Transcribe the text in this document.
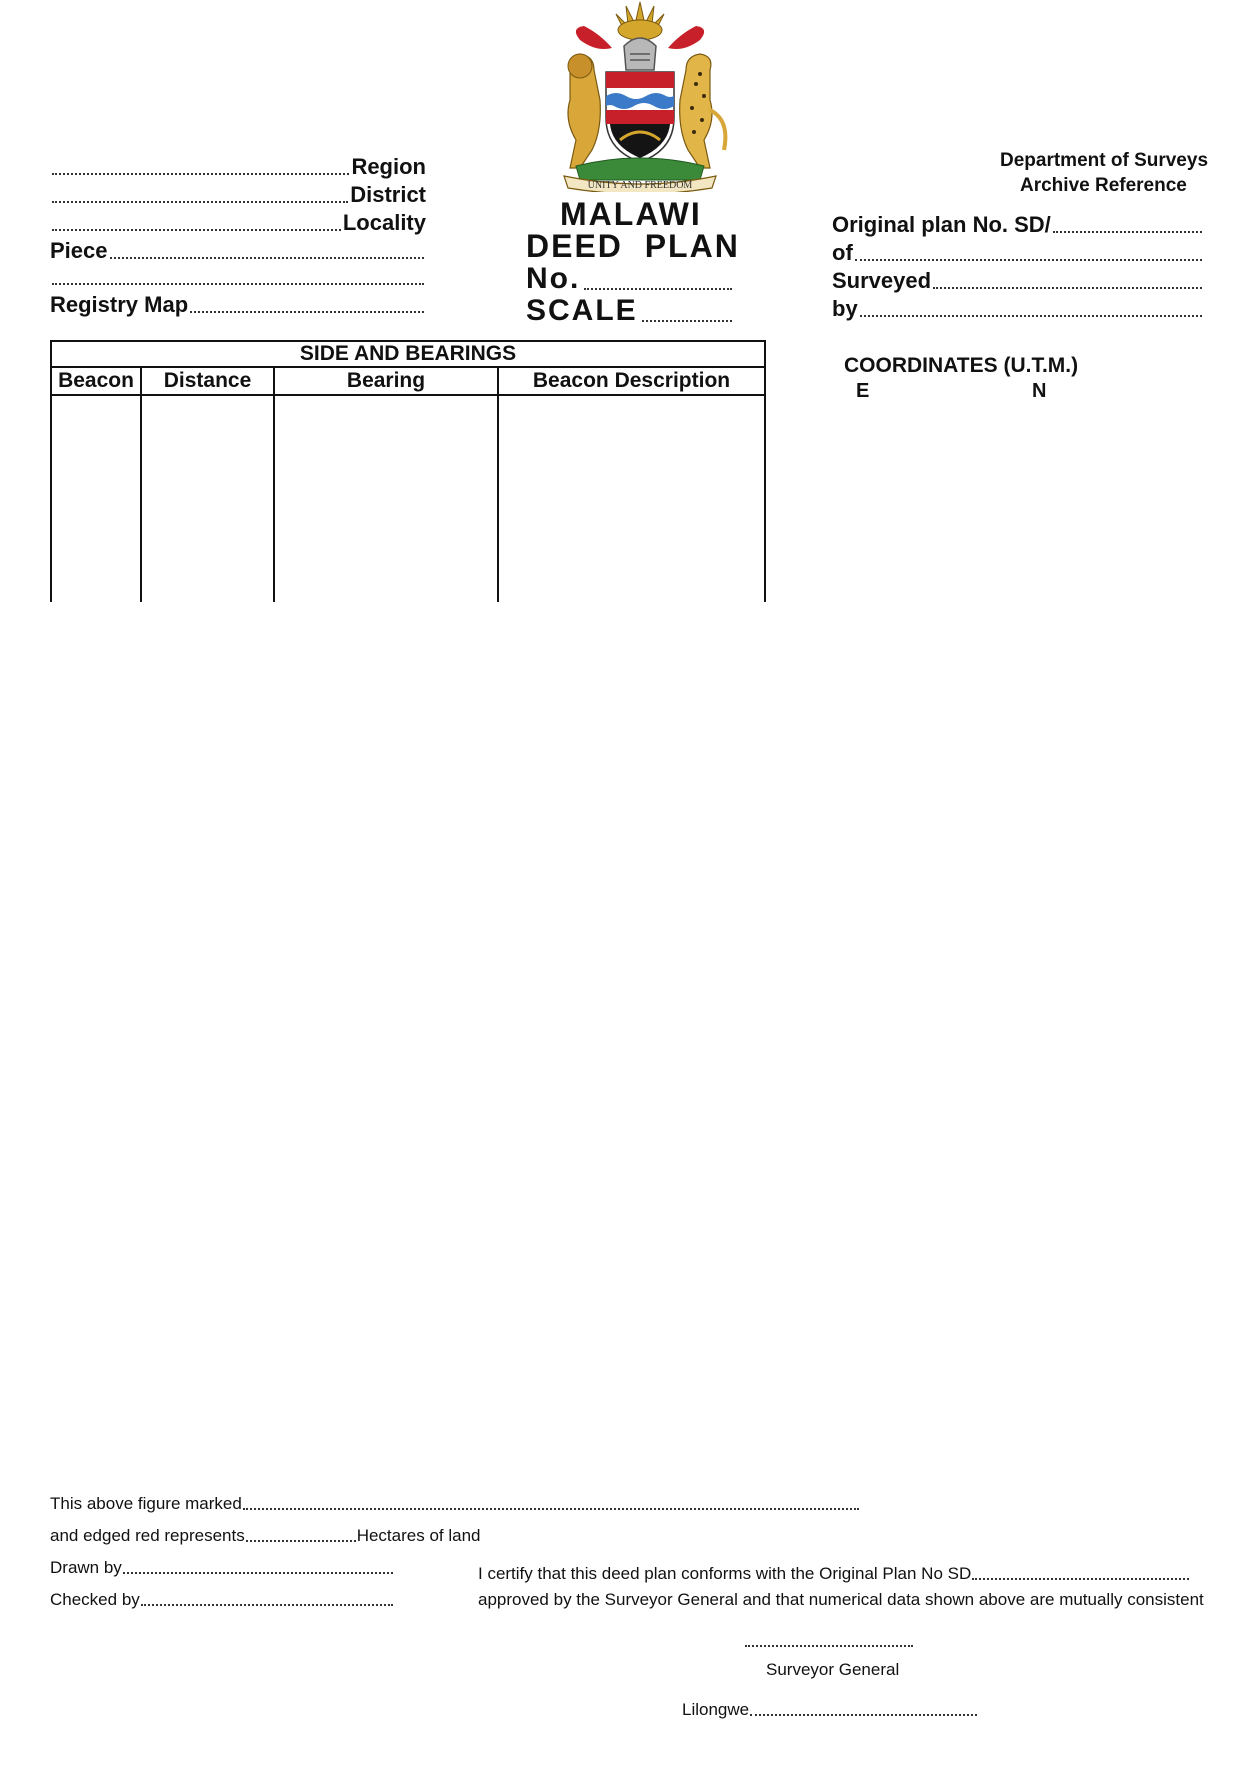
UNITY AND FREEDOM
Region
District
Locality
Piece
Registry Map
MALAWI
DEED  PLAN
No.
SCALE
Department of Surveys
Archive Reference
Original plan No. SD/
of
Surveyed
by
SIDE AND BEARINGS
Beacon	Distance	Bearing	Beacon Description
COORDINATES (U.T.M.)
E	N
This above figure marked
and edged red represents	Hectares of land
Drawn by
Checked by
I certify that this deed plan conforms with the Original Plan No SD
approved by the Surveyor General and that numerical data shown above are mutually consistent
Surveyor General
Lilongwe
